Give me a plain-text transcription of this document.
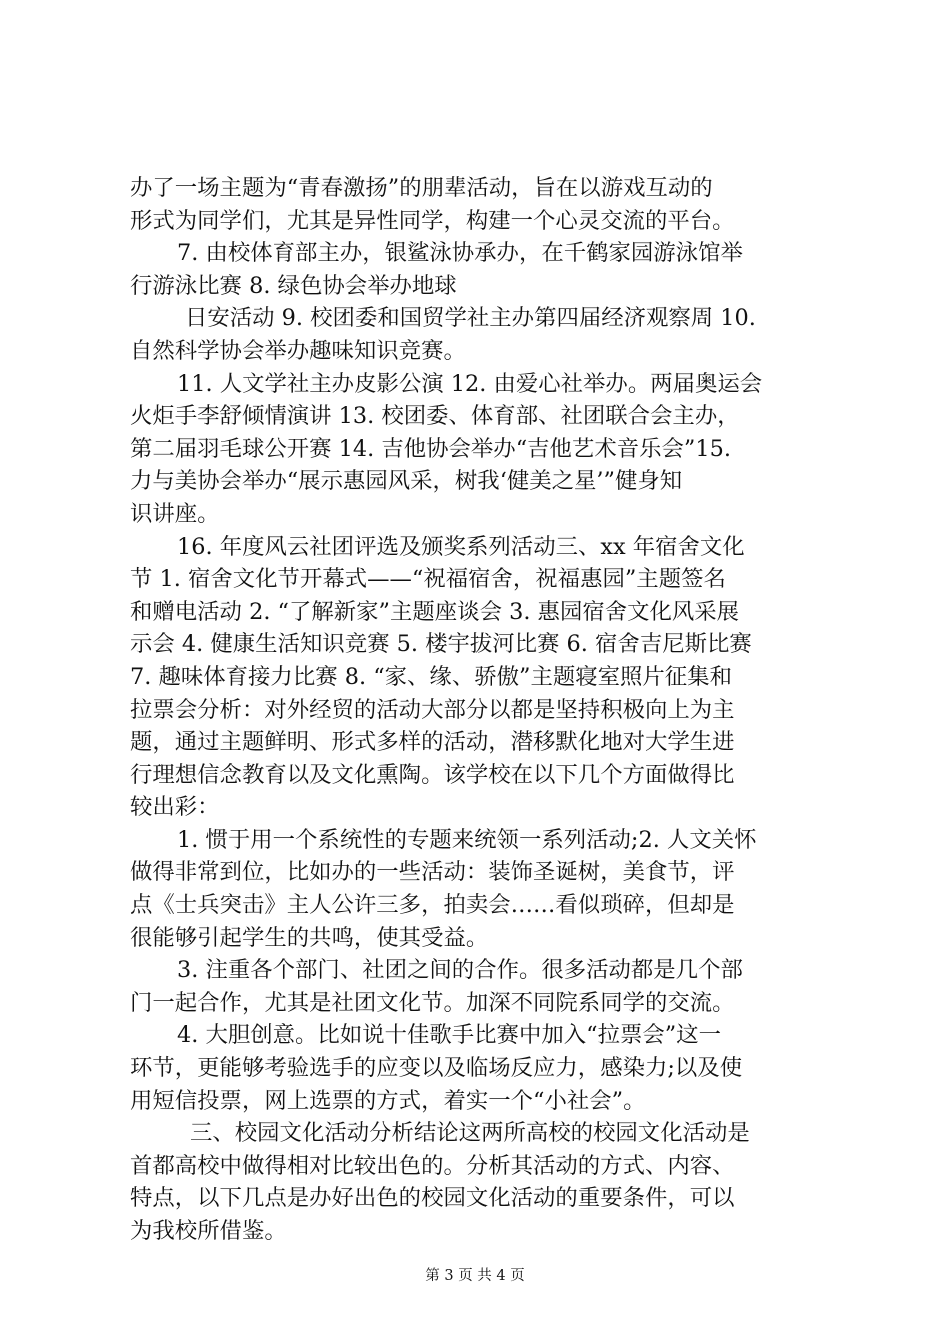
办了一场主题为“青春激扬”的朋辈活动，旨在以游戏互动的
形式为同学们，尤其是异性同学，构建一个心灵交流的平台。
7. 由校体育部主办，银鲨泳协承办，在千鹤家园游泳馆举
行游泳比赛 8. 绿色协会举办地球
日安活动 9. 校团委和国贸学社主办第四届经济观察周 10.
自然科学协会举办趣味知识竞赛。
11. 人文学社主办皮影公演 12. 由爱心社举办。两届奥运会
火炬手李舒倾情演讲 13. 校团委、体育部、社团联合会主办，
第二届羽毛球公开赛 14. 吉他协会举办“吉他艺术音乐会”15.
力与美协会举办“展示惠园风采，树我‘健美之星’”健身知
识讲座。
16. 年度风云社团评选及颁奖系列活动三、xx 年宿舍文化
节 1. 宿舍文化节开幕式——“祝福宿舍，祝福惠园”主题签名
和赠电活动 2. “了解新家”主题座谈会 3. 惠园宿舍文化风采展
示会 4. 健康生活知识竞赛 5. 楼宇拔河比赛 6. 宿舍吉尼斯比赛
7. 趣味体育接力比赛 8. “家、缘、骄傲”主题寝室照片征集和
拉票会分析：对外经贸的活动大部分以都是坚持积极向上为主
题，通过主题鲜明、形式多样的活动，潜移默化地对大学生进
行理想信念教育以及文化熏陶。该学校在以下几个方面做得比
较出彩：
1. 惯于用一个系统性的专题来统领一系列活动;2. 人文关怀
做得非常到位，比如办的一些活动：装饰圣诞树，美食节，评
点《士兵突击》主人公许三多，拍卖会……看似琐碎，但却是
很能够引起学生的共鸣，使其受益。
3. 注重各个部门、社团之间的合作。很多活动都是几个部
门一起合作，尤其是社团文化节。加深不同院系同学的交流。
4. 大胆创意。比如说十佳歌手比赛中加入“拉票会”这一
环节，更能够考验选手的应变以及临场反应力，感染力;以及使
用短信投票，网上选票的方式，着实一个“小社会”。
三、校园文化活动分析结论这两所高校的校园文化活动是
首都高校中做得相对比较出色的。分析其活动的方式、内容、
特点，以下几点是办好出色的校园文化活动的重要条件，可以
为我校所借鉴。
第 3 页 共 4 页
